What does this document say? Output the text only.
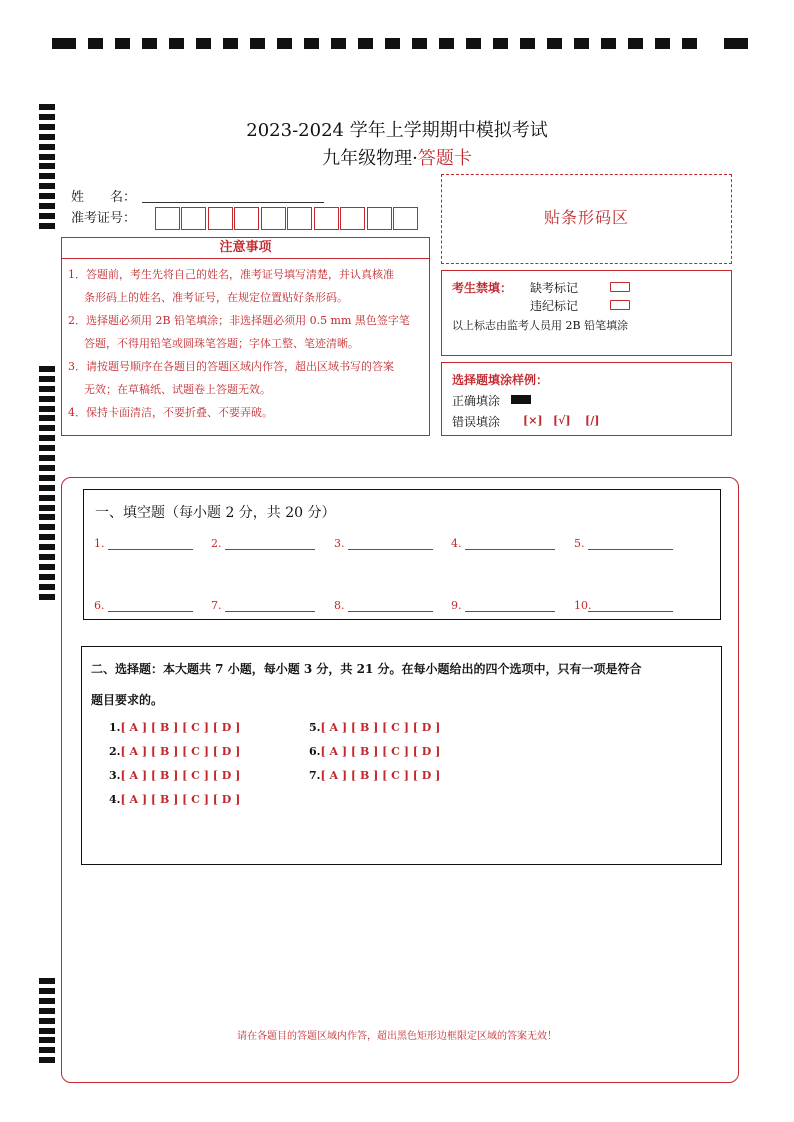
2023-2024 学年上学期期中模拟考试
九年级物理·答题卡
姓　　名：
准考证号：	贴条形码区
注意事项
1．答题前，考生先将自己的姓名，准考证号填写清楚，并认真核准
条形码上的姓名、准考证号，在规定位置贴好条形码。
2．选择题必须用 2B 铅笔填涂；非选择题必须用 0.5 mm 黑色签字笔
答题，不得用铅笔或圆珠笔答题；字体工整、笔迹清晰。
3．请按题号顺序在各题目的答题区域内作答，超出区域书写的答案
无效；在草稿纸、试题卷上答题无效。
4．保持卡面清洁，不要折叠、不要弄破。
考生禁填： 缺考标记
违纪标记
以上标志由监考人员用 2B 铅笔填涂
选择题填涂样例：
正确填涂
错误填涂 [×] [√] [/]
一、填空题（每小题 2 分，共 20 分）
1.	2.	3.	4.	5.
6.	7.	8.	9.	10.
二、选择题：本大题共 7 小题，每小题 3 分，共 21 分。在每小题给出的四个选项中，只有一项是符合
题目要求的。
1.[ A ] [ B ] [ C ] [ D ]
2.[ A ] [ B ] [ C ] [ D ]
3.[ A ] [ B ] [ C ] [ D ]
4.[ A ] [ B ] [ C ] [ D ]
5.[ A ] [ B ] [ C ] [ D ]
6.[ A ] [ B ] [ C ] [ D ]
7.[ A ] [ B ] [ C ] [ D ]
请在各题目的答题区域内作答，超出黑色矩形边框限定区域的答案无效！
